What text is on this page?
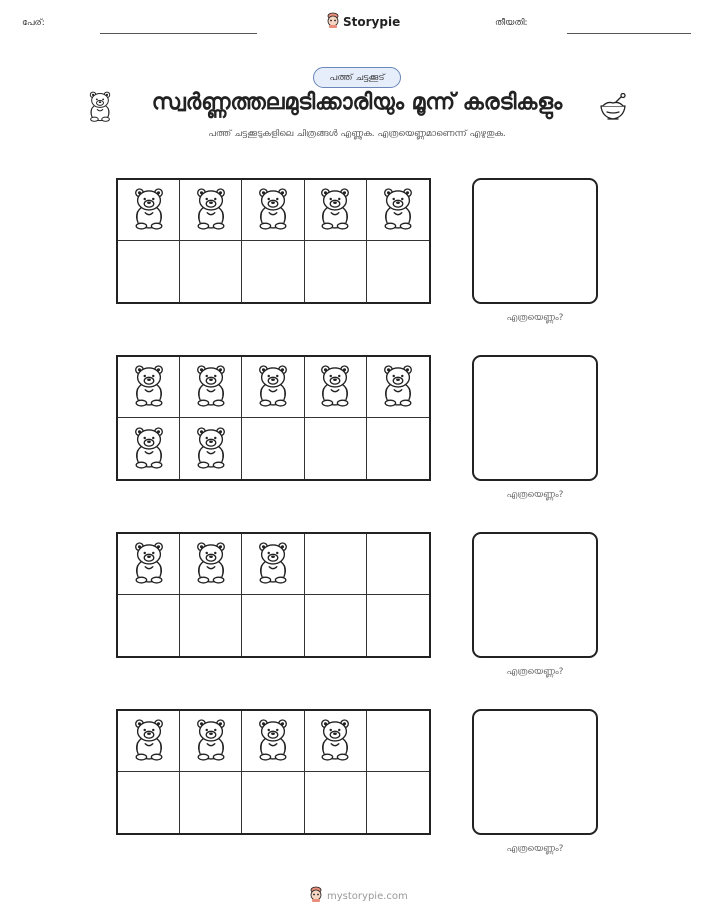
പേര്:	Storypie	തീയതി:
പത്ത് ചട്ടക്കൂട്
സ്വർണ്ണത്തലമുടിക്കാരിയും മൂന്ന് കരടികളും
പത്ത് ചട്ടക്കൂടുകളിലെ ചിത്രങ്ങൾ എണ്ണുക. എത്രയെണ്ണമാണെന്ന് എഴുതുക.
എത്രയെണ്ണം?
എത്രയെണ്ണം?
എത്രയെണ്ണം?
എത്രയെണ്ണം?
mystorypie.com
